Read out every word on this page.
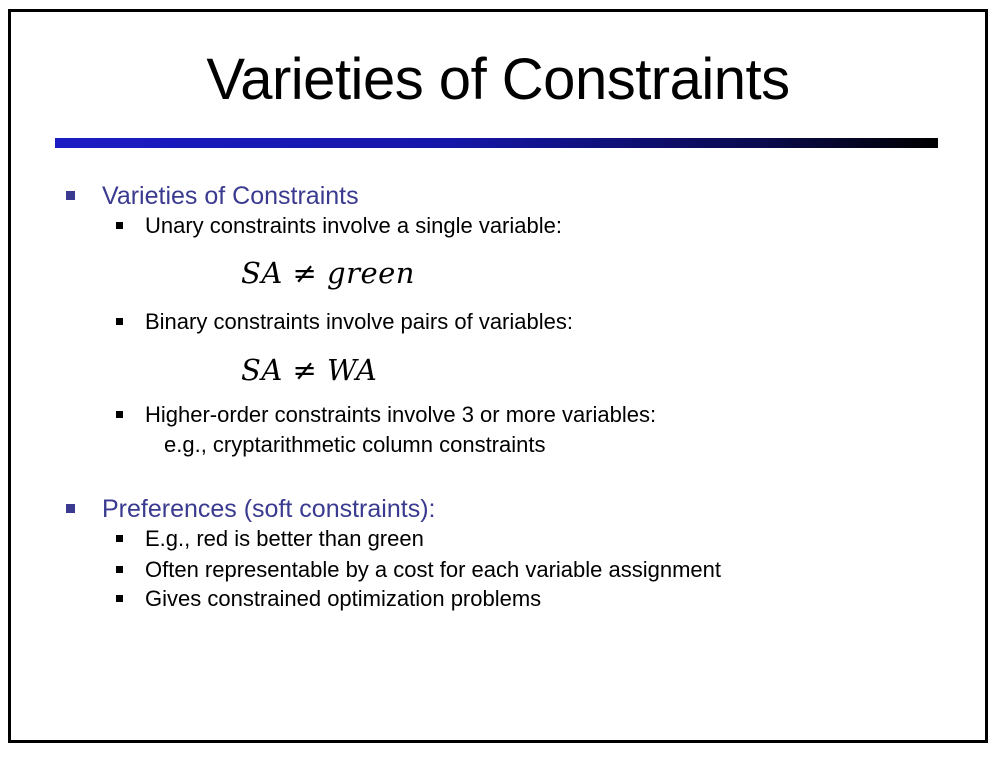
Varieties of Constraints
Varieties of Constraints
Unary constraints involve a single variable:
SA ≠ green
Binary constraints involve pairs of variables:
SA ≠ WA
Higher-order constraints involve 3 or more variables:
e.g., cryptarithmetic column constraints
Preferences (soft constraints):
E.g., red is better than green
Often representable by a cost for each variable assignment
Gives constrained optimization problems
